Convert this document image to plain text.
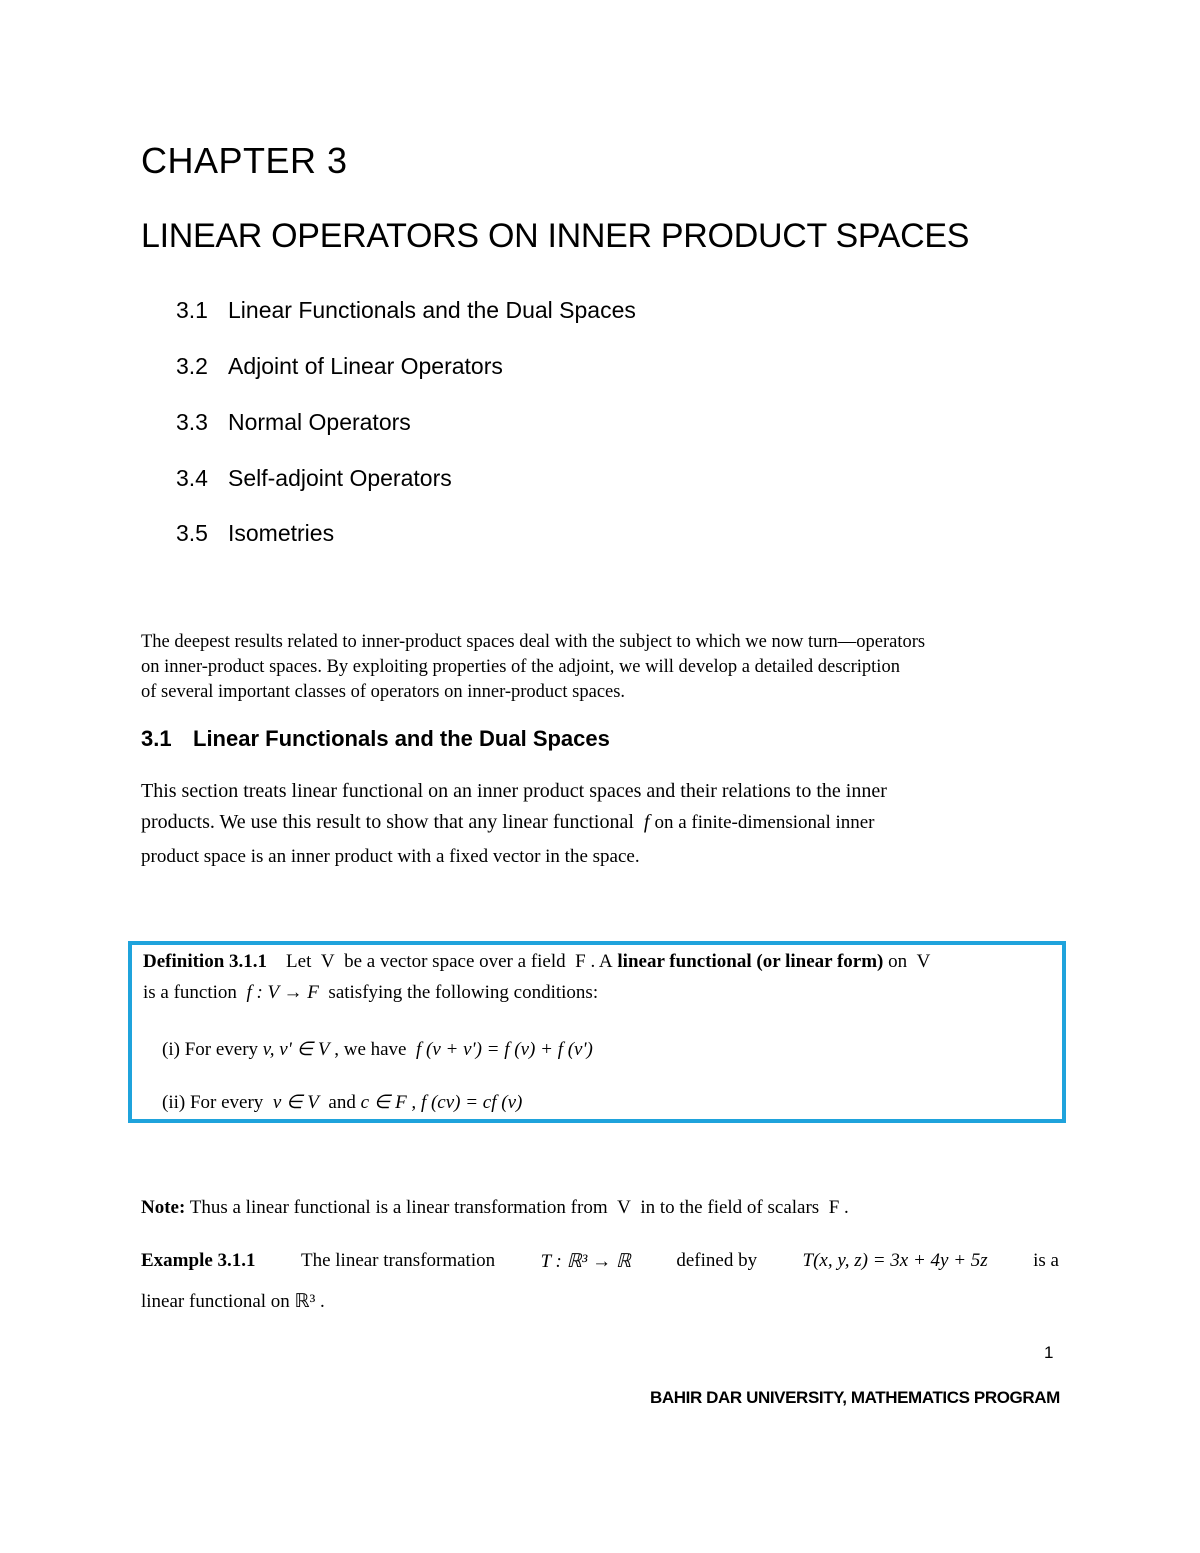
CHAPTER 3
LINEAR OPERATORS ON INNER PRODUCT SPACES
3.1 Linear Functionals and the Dual Spaces
3.2 Adjoint of Linear Operators
3.3 Normal Operators
3.4 Self-adjoint Operators
3.5 Isometries
The deepest results related to inner-product spaces deal with the subject to which we now turn—operators
on inner-product spaces. By exploiting properties of the adjoint, we will develop a detailed description
of several important classes of operators on inner-product spaces.
3.1 Linear Functionals and the Dual Spaces
This section treats linear functional on an inner product spaces and their relations to the inner
products. We use this result to show that any linear functional f on a finite-dimensional inner
product space is an inner product with a fixed vector in the space.
Definition 3.1.1 Let V be a vector space over a field F . A linear functional (or linear form) on V
is a function f : V → F satisfying the following conditions:
(i) For every v, v' ∈ V , we have f (v + v') = f (v) + f (v')
(ii) For every v ∈ V and c ∈ F , f (cv) = cf (v)
Note: Thus a linear functional is a linear transformation from V in to the field of scalars F .
Example 3.1.1 The linear transformation T : ℝ³ → ℝ defined by T(x, y, z) = 3x + 4y + 5z is a
linear functional on ℝ³ .
1
BAHIR DAR UNIVERSITY, MATHEMATICS PROGRAM
